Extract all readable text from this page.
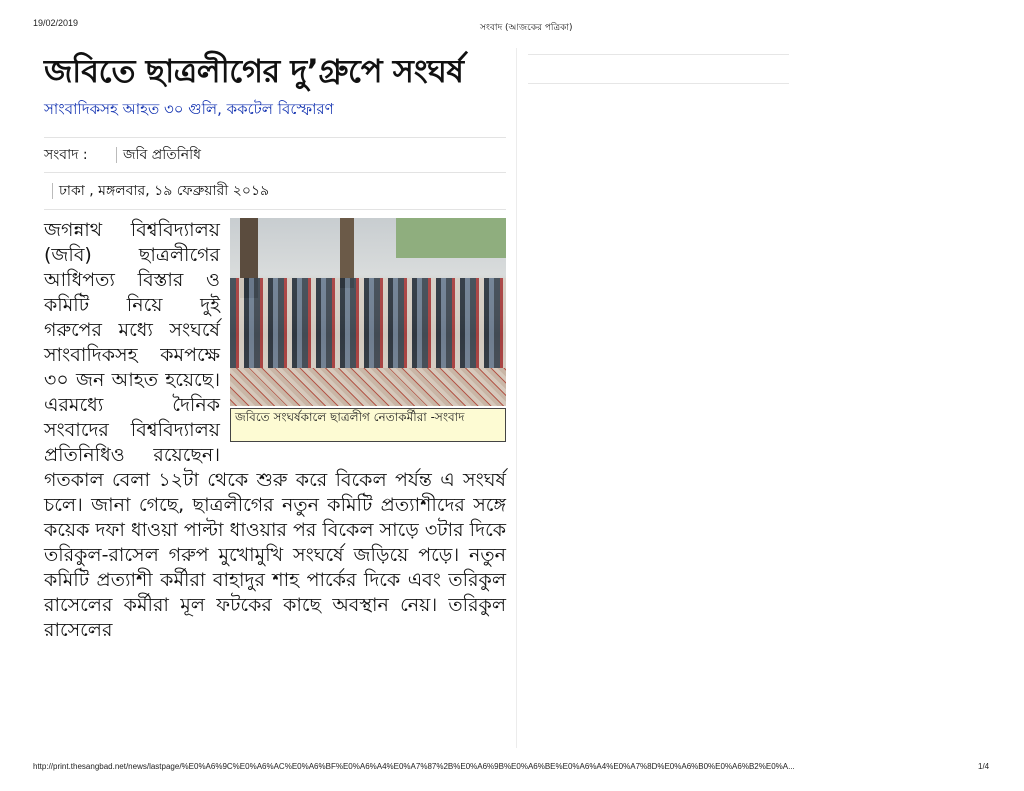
19/02/2019	সংবাদ (আজকের পত্রিকা)
জবিতে ছাত্রলীগের দু’গ্রুপে সংঘর্ষ
সাংবাদিকসহ আহত ৩০ গুলি, ককটেল বিস্ফোরণ
সংবাদ :	জবি প্রতিনিধি
ঢাকা , মঙ্গলবার, ১৯ ফেব্রুয়ারী ২০১৯
জবিতে সংঘর্ষকালে ছাত্রলীগ নেতাকর্মীরা -সংবাদ

জগন্নাথ বিশ্ববিদ্যালয় (জবি) ছাত্রলীগের আধিপত্য বিস্তার ও কমিটি নিয়ে দুই গরুপের মধ্যে সংঘর্ষে সাংবাদিকসহ কমপক্ষে ৩০ জন আহত হয়েছে। এরমধ্যে দৈনিক সংবাদের বিশ্ববিদ্যালয় প্রতিনিধিও রয়েছেন। গতকাল বেলা ১২টা থেকে শুরু করে বিকেল পর্যন্ত এ সংঘর্ষ চলে। জানা গেছে, ছাত্রলীগের নতুন কমিটি প্রত্যাশীদের সঙ্গে কয়েক দফা ধাওয়া পাল্টা ধাওয়ার পর বিকেল সাড়ে ৩টার দিকে তরিকুল-রাসেল গরুপ মুখোমুখি সংঘর্ষে জড়িয়ে পড়ে। নতুন কমিটি প্রত্যাশী কর্মীরা বাহাদুর শাহ পার্কের দিকে এবং তরিকুল রাসেলের কর্মীরা মূল ফটকের কাছে অবস্থান নেয়। তরিকুল রাসেলের

http://print.thesangbad.net/news/lastpage/%E0%A6%9C%E0%A6%AC%E0%A6%BF%E0%A6%A4%E0%A7%87%2B%E0%A6%9B%E0%A6%BE%E0%A6%A4%E0%A7%8D%E0%A6%B0%E0%A6%B2%E0%A...	1/4
